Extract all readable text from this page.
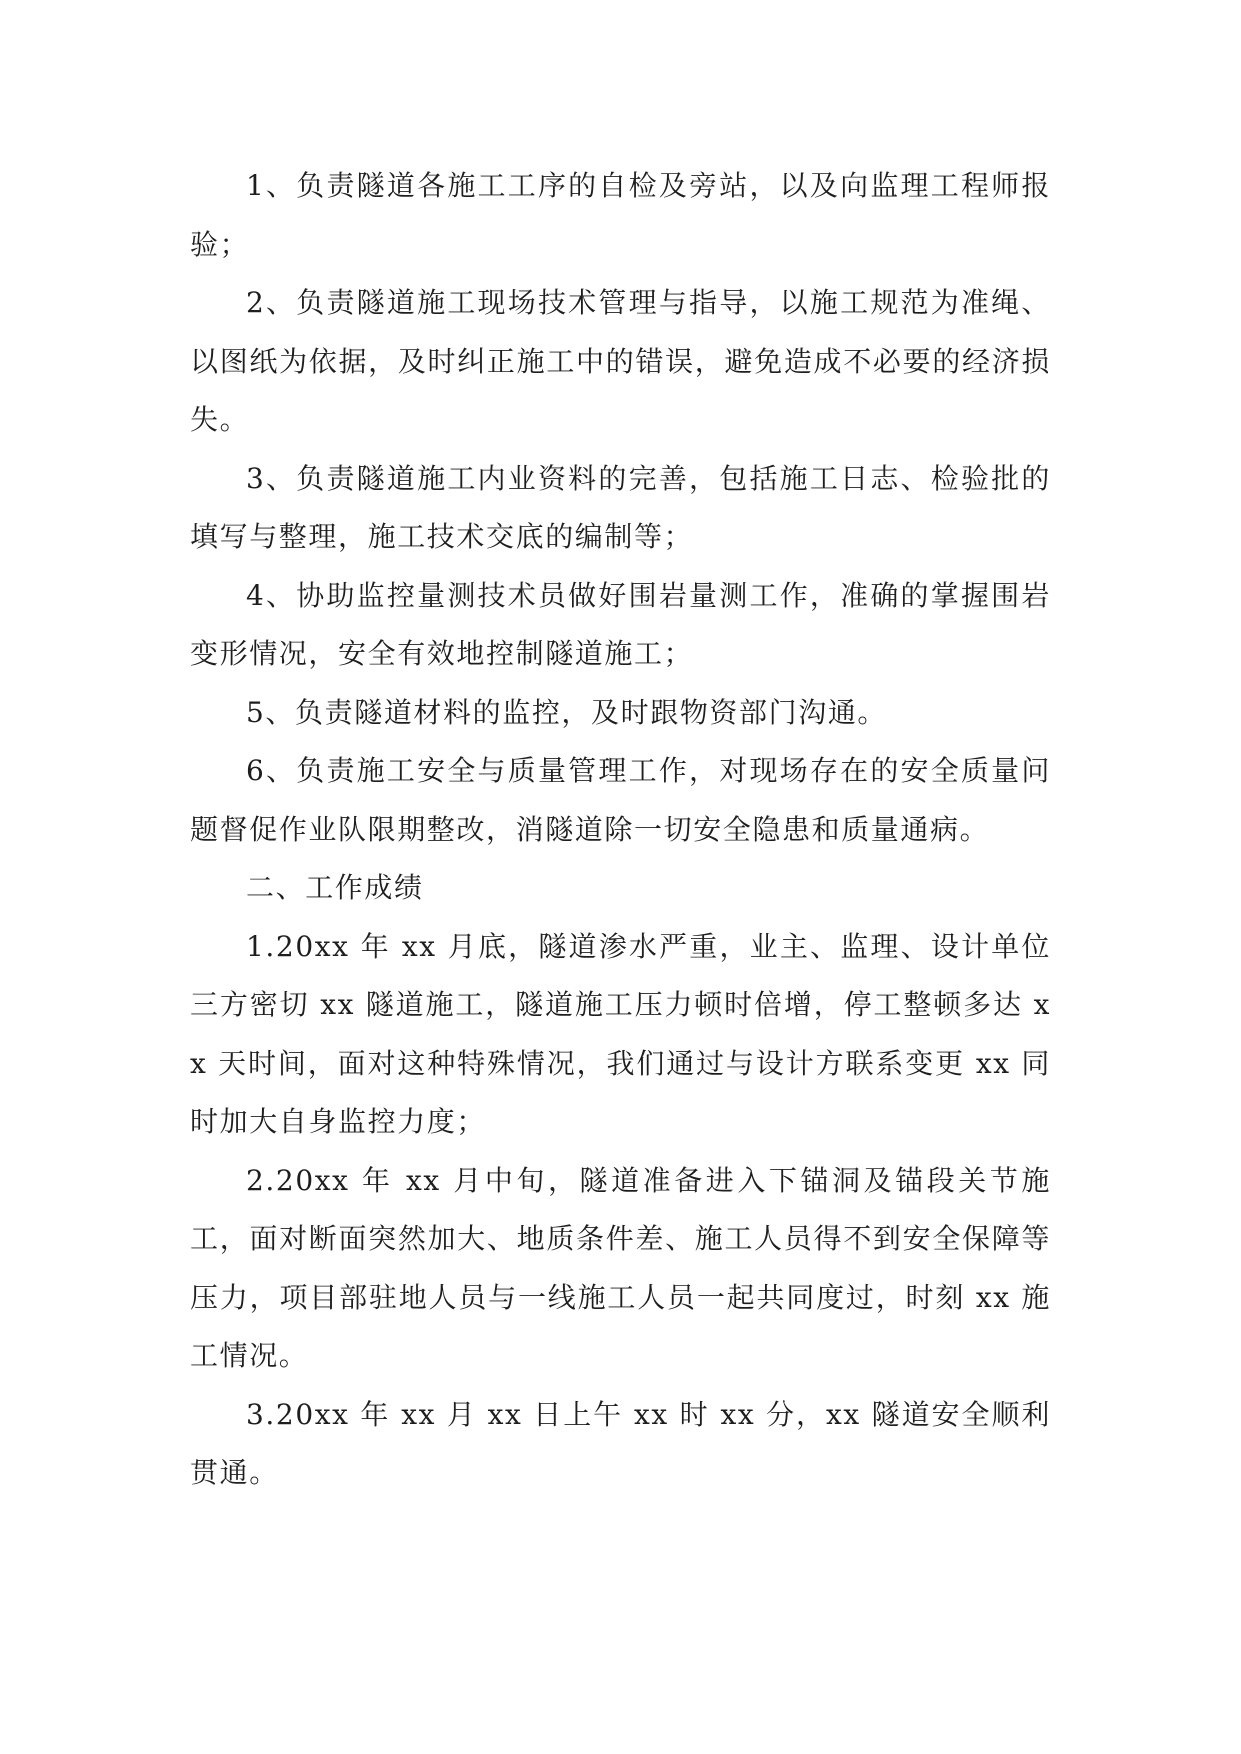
1、负责隧道各施工工序的自检及旁站，以及向监理工程师报验；

2、负责隧道施工现场技术管理与指导，以施工规范为准绳、以图纸为依据，及时纠正施工中的错误，避免造成不必要的经济损失。

3、负责隧道施工内业资料的完善，包括施工日志、检验批的填写与整理，施工技术交底的编制等；

4、协助监控量测技术员做好围岩量测工作，准确的掌握围岩变形情况，安全有效地控制隧道施工；

5、负责隧道材料的监控，及时跟物资部门沟通。

6、负责施工安全与质量管理工作，对现场存在的安全质量问题督促作业队限期整改，消隧道除一切安全隐患和质量通病。

二、工作成绩

1.20xx 年 xx 月底，隧道渗水严重，业主、监理、设计单位三方密切 xx 隧道施工，隧道施工压力顿时倍增，停工整顿多达 xx 天时间，面对这种特殊情况，我们通过与设计方联系变更 xx 同时加大自身监控力度；

2.20xx 年 xx 月中旬，隧道准备进入下锚洞及锚段关节施工，面对断面突然加大、地质条件差、施工人员得不到安全保障等压力，项目部驻地人员与一线施工人员一起共同度过，时刻 xx 施工情况。

3.20xx 年 xx 月 xx 日上午 xx 时 xx 分，xx 隧道安全顺利贯通。
